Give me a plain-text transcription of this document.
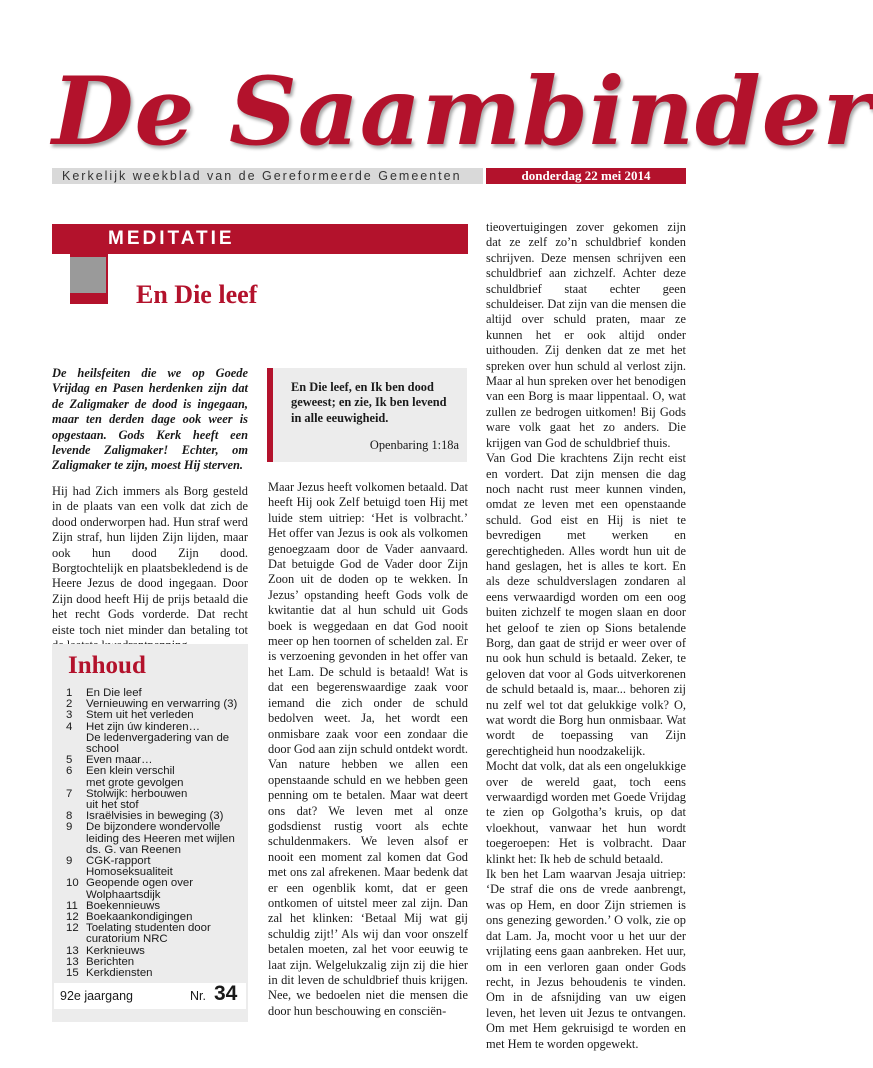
De Saambinder
Kerkelijk weekblad van de Gereformeerde Gemeenten	donderdag 22 mei 2014
MEDITATIE
En Die leef
De heilsfeiten die we op Goede Vrijdag en Pasen herdenken zijn dat de Zaligmaker de dood is ingegaan, maar ten derden dage ook weer is opgestaan. Gods Kerk heeft een levende Zaligmaker! Echter, om Zaligmaker te zijn, moest Hij sterven.
Hij had Zich immers als Borg gesteld in de plaats van een volk dat zich de dood onderworpen had. Hun straf werd Zijn straf, hun lijden Zijn lijden, maar ook hun dood Zijn dood. Borgtochtelijk en plaatsbekledend is de Heere Jezus de dood ingegaan. Door Zijn dood heeft Hij de prijs betaald die het recht Gods vorderde. Dat recht eiste toch niet minder dan betaling tot
En Die leef, en Ik ben dood geweest; en zie, Ik ben levend in alle eeuwigheid.
Openbaring 1:18a
Maar Jezus heeft volkomen betaald. Dat heeft Hij ook Zelf betuigd toen Hij met luide stem uitriep: ‘Het is volbracht.’ Het offer van Jezus is ook als volkomen genoegzaam door de Vader aanvaard. Dat betuigde God de Vader door Zijn Zoon uit de doden op te wekken. In Jezus’ opstanding heeft Gods volk de kwitantie dat al hun schuld uit Gods boek is weggedaan en dat God nooit meer op hen toornen of schelden zal. Er is verzoening gevonden in het offer van het Lam. De schuld is betaald! Wat is dat een begerenswaardige zaak voor iemand die zich onder de schuld bedolven weet. Ja, het wordt een onmisbare zaak voor een zondaar die door God aan zijn schuld ontdekt wordt. Van nature hebben we allen een openstaande schuld en we hebben geen penning om te betalen. Maar wat deert ons dat? We leven met al onze godsdienst rustig voort als echte schuldenmakers. We leven alsof er nooit een moment zal komen dat God met ons zal afrekenen. Maar bedenk dat er een ogenblik komt, dat er geen ontkomen of uitstel meer zal zijn. Dan zal het klinken: ‘Betaal Mij wat gij schuldig zijt!’ Als wij dan voor onszelf betalen moeten, zal het voor eeuwig te laat zijn. Welgelukzalig zijn zij die hier in dit leven de schuldbrief thuis krijgen. Nee, we bedoelen niet die mensen die door hun beschouwing en consciën-

tieovertuigingen zover gekomen zijn dat ze zelf zo’n schuldbrief konden schrijven. Deze mensen schrijven een schuldbrief aan zichzelf. Achter deze schuldbrief staat echter geen schuldeiser. Dat zijn van die mensen die altijd over schuld praten, maar ze kunnen het er ook altijd onder uithouden. Zij denken dat ze met het spreken over hun schuld al verlost zijn. Maar al hun spreken over het benodigen van een Borg is maar lippentaal. O, wat zullen ze bedrogen uitkomen! Bij Gods ware volk gaat het zo anders. Die krijgen van God de schuldbrief thuis.

Van God Die krachtens Zijn recht eist en vordert. Dat zijn mensen die dag noch nacht rust meer kunnen vinden, omdat ze leven met een openstaande schuld. God eist en Hij is niet te bevredigen met werken en gerechtigheden. Alles wordt hun uit de hand geslagen, het is alles te kort. En als deze schuldverslagen zondaren al eens verwaardigd worden om een oog buiten zichzelf te mogen slaan en door het geloof te zien op Sions betalende Borg, dan gaat de strijd er weer over of nu ook hun schuld is betaald. Zeker, te geloven dat voor al Gods uitverkorenen de schuld betaald is, maar... behoren zij nu zelf wel tot dat gelukkige volk? O, wat wordt die Borg hun onmisbaar. Wat wordt de toepassing van Zijn gerechtigheid hun noodzakelijk.

Mocht dat volk, dat als een ongelukkige over de wereld gaat, toch eens verwaardigd worden met Goede Vrijdag te zien op Golgotha’s kruis, op dat vloekhout, vanwaar het hun wordt toegeroepen: Het is volbracht. Daar klinkt het: Ik heb de schuld betaald.

Ik ben het Lam waarvan Jesaja uitriep: ‘De straf die ons de vrede aanbrengt, was op Hem, en door Zijn striemen is ons genezing geworden.’ O volk, zie op dat Lam. Ja, mocht voor u het uur der vrijlating eens gaan aanbreken. Het uur, om in een verloren gaan onder Gods recht, in Jezus behoudenis te vinden. Om in de afsnijding van uw eigen leven, het leven uit Jezus te ontvangen. Om met Hem gekruisigd te worden en met Hem te worden opgewekt.

Inhoud
1	En Die leef
2	Vernieuwing en verwarring (3)
3	Stem uit het verleden
4	Het zijn úw kinderen…
De ledenvergadering van de school
5	Even maar…
6	Een klein verschil
met grote gevolgen
7	Stolwijk: herbouwen
uit het stof
8	Israëlvisies in beweging (3)
9	De bijzondere wondervolle leiding des Heeren met wijlen ds. G. van Reenen
9	CGK-rapport
Homoseksualiteit
10 Geopende ogen over
Wolphaartsdijk
11 Boekennieuws
12 Boekaankondigingen
12 Toelating studenten door curatorium NRC
13 Kerknieuws
13 Berichten
15 Kerkdiensten
92e jaargang	Nr. 34
